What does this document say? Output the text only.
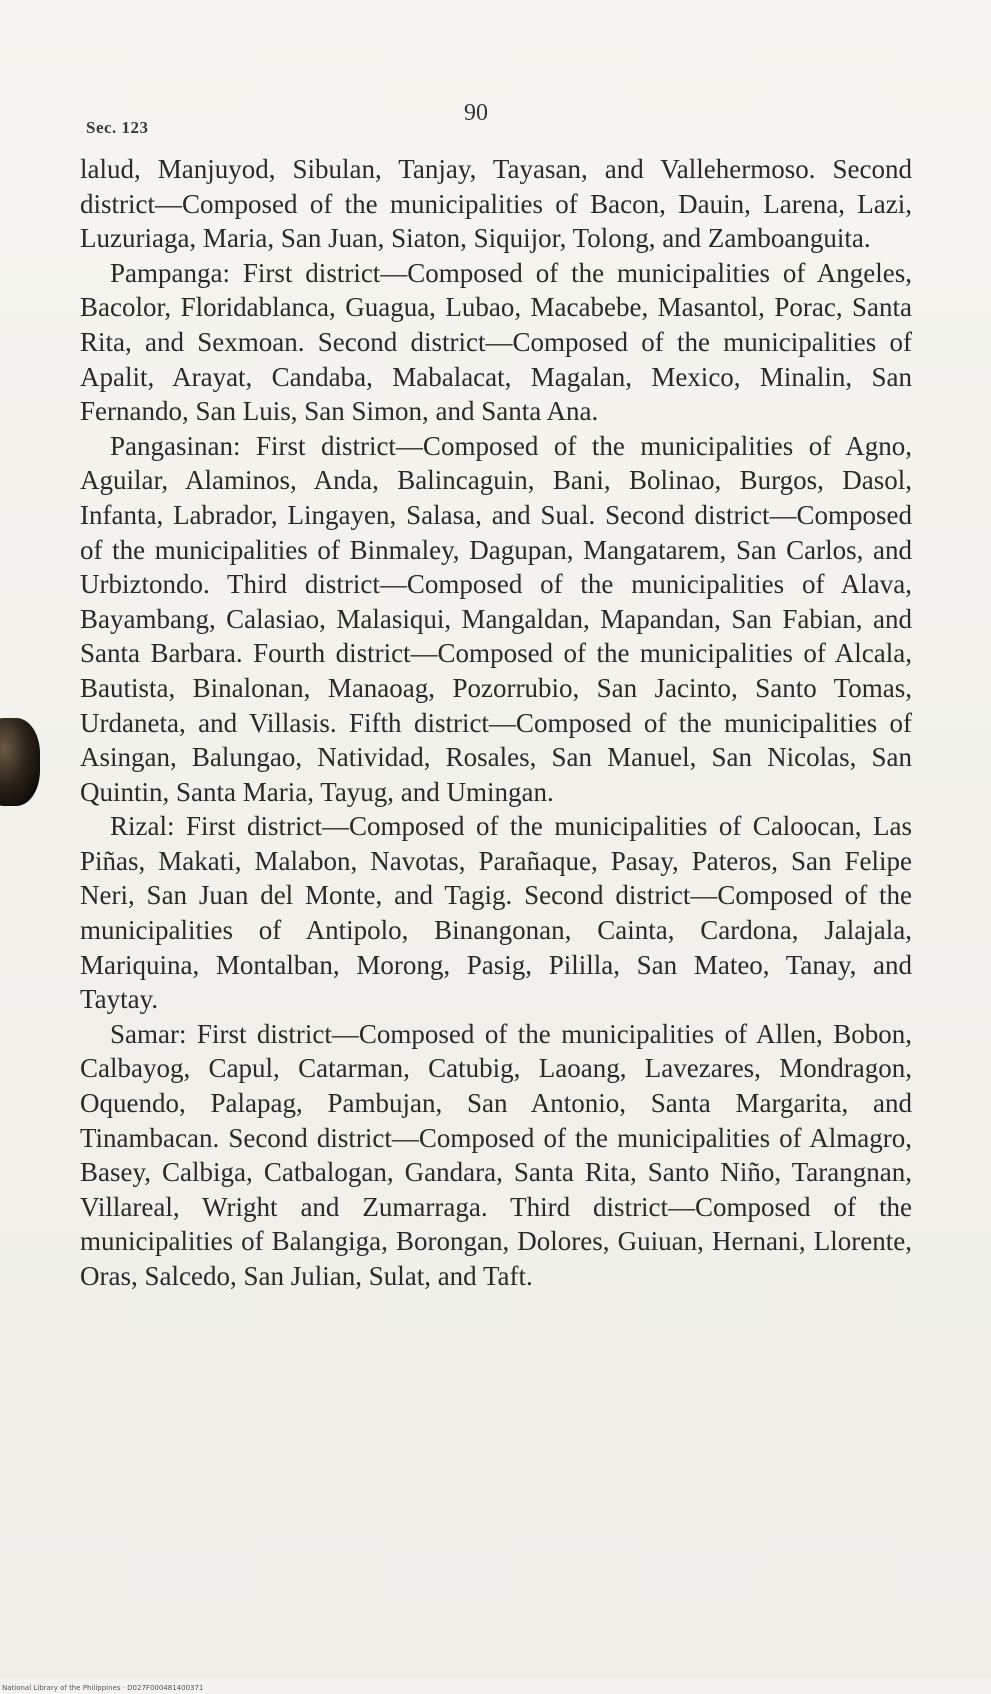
Sec. 123
90

lalud, Manjuyod, Sibulan, Tanjay, Tayasan, and Vallehermoso. Second district—Composed of the municipalities of Bacon, Dauin, Larena, Lazi, Luzuriaga, Maria, San Juan, Siaton, Siquijor, Tolong, and Zamboanguita.

Pampanga: First district—Composed of the municipalities of Angeles, Bacolor, Floridablanca, Guagua, Lubao, Macabebe, Masantol, Porac, Santa Rita, and Sexmoan. Second district—Composed of the municipalities of Apalit, Arayat, Candaba, Mabalacat, Magalan, Mexico, Minalin, San Fernando, San Luis, San Simon, and Santa Ana.

Pangasinan: First district—Composed of the municipalities of Agno, Aguilar, Alaminos, Anda, Balincaguin, Bani, Bolinao, Burgos, Dasol, Infanta, Labrador, Lingayen, Salasa, and Sual. Second district—Composed of the municipalities of Binmaley, Dagupan, Mangatarem, San Carlos, and Urbiztondo. Third district—Composed of the municipalities of Alava, Bayambang, Calasiao, Malasiqui, Mangaldan, Mapandan, San Fabian, and Santa Barbara. Fourth district—Composed of the municipalities of Alcala, Bautista, Binalonan, Manaoag, Pozorrubio, San Jacinto, Santo Tomas, Urdaneta, and Villasis. Fifth district—Composed of the municipalities of Asingan, Balungao, Natividad, Rosales, San Manuel, San Nicolas, San Quintin, Santa Maria, Tayug, and Umingan.

Rizal: First district—Composed of the municipalities of Caloocan, Las Piñas, Makati, Malabon, Navotas, Parañaque, Pasay, Pateros, San Felipe Neri, San Juan del Monte, and Tagig. Second district—Composed of the municipalities of Antipolo, Binangonan, Cainta, Cardona, Jalajala, Mariquina, Montalban, Morong, Pasig, Pililla, San Mateo, Tanay, and Taytay.

Samar: First district—Composed of the municipalities of Allen, Bobon, Calbayog, Capul, Catarman, Catubig, Laoang, Lavezares, Mondragon, Oquendo, Palapag, Pambujan, San Antonio, Santa Margarita, and Tinambacan. Second district—Composed of the municipalities of Almagro, Basey, Calbiga, Catbalogan, Gandara, Santa Rita, Santo Niño, Tarangnan, Villareal, Wright and Zumarraga. Third district—Composed of the municipalities of Balangiga, Borongan, Dolores, Guiuan, Hernani, Llorente, Oras, Salcedo, San Julian, Sulat, and Taft.

National Library of the Philippines · D027F000481400371
